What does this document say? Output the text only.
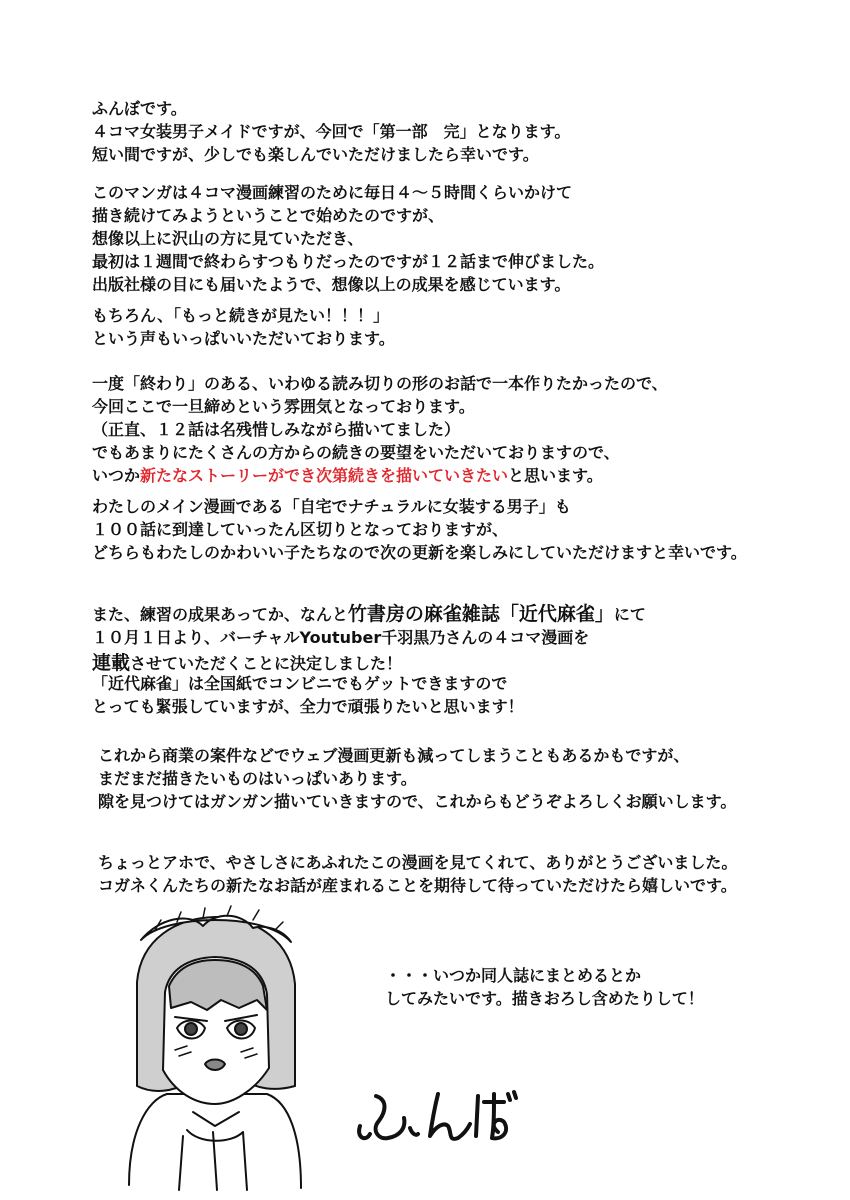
ふんぼです。
４コマ女装男子メイドですが、今回で「第一部　完」となります。
短い間ですが、少しでも楽しんでいただけましたら幸いです。
このマンガは４コマ漫画練習のために毎日４〜５時間くらいかけて
描き続けてみようということで始めたのですが、
想像以上に沢山の方に見ていただき、
最初は１週間で終わらすつもりだったのですが１２話まで伸びました。
出版社様の目にも届いたようで、想像以上の成果を感じています。
もちろん、「もっと続きが見たい！！！」
という声もいっぱいいただいております。
一度「終わり」のある、いわゆる読み切りの形のお話で一本作りたかったので、
今回ここで一旦締めという雰囲気となっております。
（正直、１２話は名残惜しみながら描いてました）
でもあまりにたくさんの方からの続きの要望をいただいておりますので、
いつか新たなストーリーができ次第続きを描いていきたいと思います。
わたしのメイン漫画である「自宅でナチュラルに女装する男子」も
１００話に到達していったん区切りとなっておりますが、
どちらもわたしのかわいい子たちなので次の更新を楽しみにしていただけますと幸いです。
また、練習の成果あってか、なんと竹書房の麻雀雑誌「近代麻雀」にて
１０月１日より、バーチャルYoutuber千羽黒乃さんの４コマ漫画を
連載させていただくことに決定しました！
「近代麻雀」は全国紙でコンビニでもゲットできますので
とっても緊張していますが、全力で頑張りたいと思います！
これから商業の案件などでウェブ漫画更新も減ってしまうこともあるかもですが、
まだまだ描きたいものはいっぱいあります。
隙を見つけてはガンガン描いていきますので、これからもどうぞよろしくお願いします。
ちょっとアホで、やさしさにあふれたこの漫画を見てくれて、ありがとうございました。
コガネくんたちの新たなお話が産まれることを期待して待っていただけたら嬉しいです。
・・・いつか同人誌にまとめるとか
してみたいです。描きおろし含めたりして！
